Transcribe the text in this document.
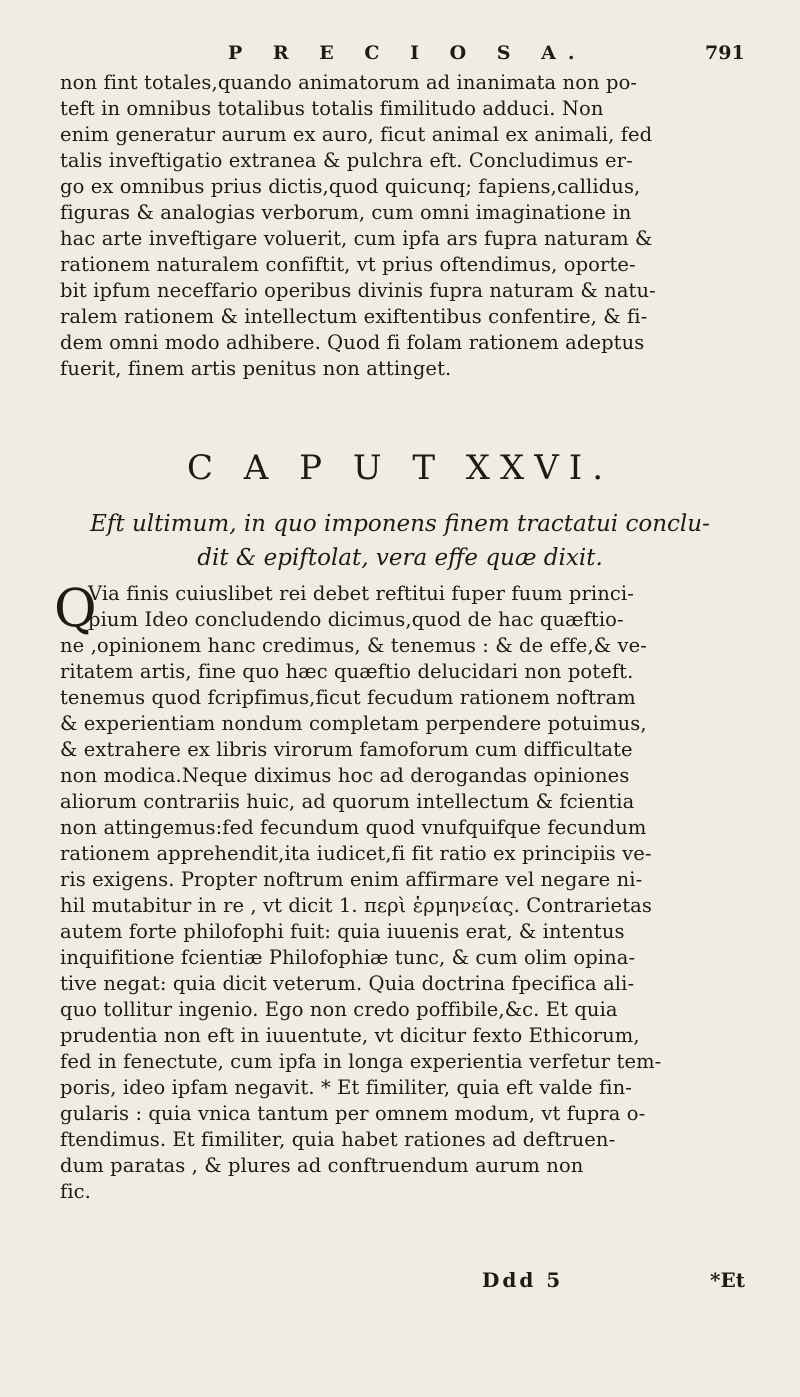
P R E C I O S A.	791
non fint totales,quando animatorum ad inanimata non po-
teft in omnibus totalibus totalis fimilitudo adduci. Non
enim generatur aurum ex auro, ficut animal ex animali, fed
talis inveftigatio extranea & pulchra eft. Concludimus er-
go ex omnibus prius dictis,quod quicunq; fapiens,callidus,
figuras & analogias verborum, cum omni imaginatione in
hac arte inveftigare voluerit, cum ipfa ars fupra naturam &
rationem naturalem confiftit, vt prius oftendimus, oporte-
bit ipfum neceffario operibus divinis fupra naturam & natu-
ralem rationem & intellectum exiftentibus confentire, & fi-
dem omni modo adhibere. Quod fi folam rationem adeptus
fuerit, finem artis penitus non attinget.
C A P U T XXVI.
Eft ultimum, in quo imponens finem tractatui conclu-
dit & epiftolat, vera effe quæ dixit.
Q
Via finis cuiuslibet rei debet reftitui fuper fuum princi-
pium Ideo concludendo dicimus,quod de hac quæftio-
ne ,opinionem hanc credimus, & tenemus : & de effe,& ve-
ritatem artis, fine quo hæc quæftio delucidari non poteft.
tenemus quod fcripfimus,ficut fecudum rationem noftram
& experientiam nondum completam perpendere potuimus,
& extrahere ex libris virorum famoforum cum difficultate
non modica.Neque diximus hoc ad derogandas opiniones
aliorum contrariis huic, ad quorum intellectum & fcientia
non attingemus:fed fecundum quod vnufquifque fecundum
rationem apprehendit,ita iudicet,fi fit ratio ex principiis ve-
ris exigens. Propter noftrum enim affirmare vel negare ni-
hil mutabitur in re , vt dicit 1. περὶ ἑρμηνείας. Contrarietas
autem forte philofophi fuit: quia iuuenis erat, & intentus
inquifitione fcientiæ Philofophiæ tunc, & cum olim opina-
tive negat: quia dicit veterum. Quia doctrina fpecifica ali-
quo tollitur ingenio. Ego non credo poffibile,&c. Et quia
prudentia non eft in iuuentute, vt dicitur fexto Ethicorum,
fed in fenectute, cum ipfa in longa experientia verfetur tem-
poris, ideo ipfam negavit. * Et fimiliter, quia eft valde fin-
gularis : quia vnica tantum per omnem modum, vt fupra o-
ftendimus. Et fimiliter, quia habet rationes ad deftruen-
dum paratas , & plures ad conftruendum aurum non
fic.
Ddd 5	*Et
